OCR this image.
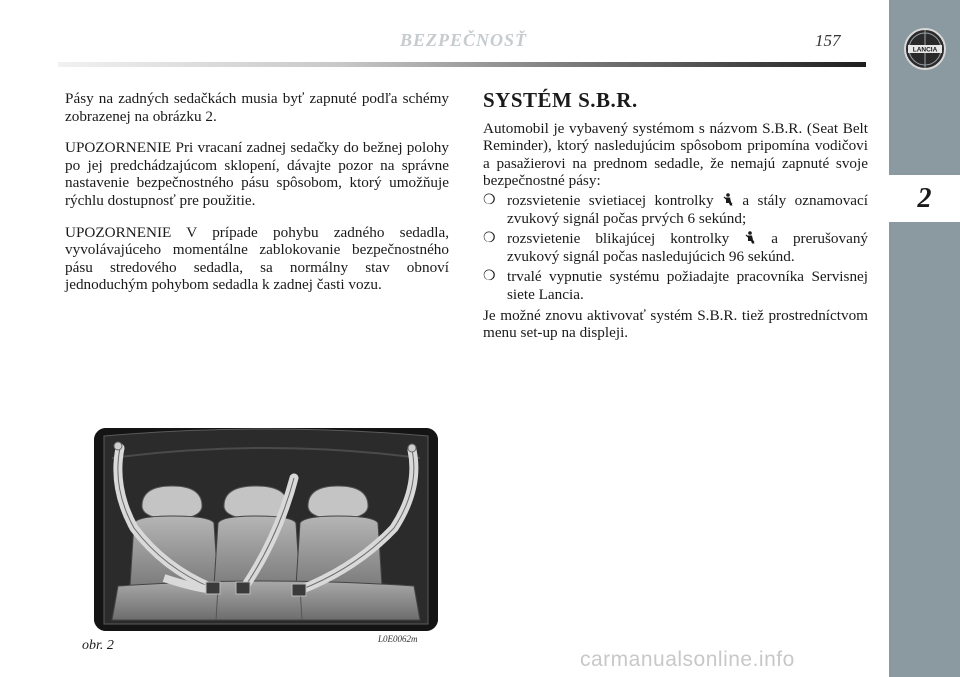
LANCIA
2
BEZPEČNOSŤ	157

Pásy na zadných sedačkách musia byť zapnuté podľa schémy zobrazenej na obrázku 2.

UPOZORNENIE Pri vracaní zadnej sedačky do bežnej polohy po jej predchádzajúcom sklopení, dávajte pozor na správne nastavenie bezpečnostného pásu spôsobom, ktorý umožňuje rýchlu dostupnosť pre použitie.

UPOZORNENIE V prípade pohybu zadného sedadla, vyvolávajúceho momentálne zablokovanie bezpečnostného pásu stredového sedadla, sa normálny stav obnoví jednoduchým pohybom sedadla k zadnej časti vozu.

SYSTÉM S.B.R.

Automobil je vybavený systémom s názvom S.B.R. (Seat Belt Reminder), ktorý nasledujúcim spôsobom pripomína vodičovi a pasažierovi na prednom sedadle, že nemajú zapnuté svoje bezpečnostné pásy:

❍ rozsvietenie svietiacej kontrolky a stály oznamovací zvukový signál počas prvých 6 sekúnd;
❍ rozsvietenie blikajúcej kontrolky	a prerušovaný zvukový signál počas nasledujúcich 96 sekúnd.
❍ trvalé vypnutie systému požiadajte pracovníka Servisnej siete Lancia.

Je možné znovu aktivovať systém S.B.R. tiež prostredníctvom menu set-up na displeji.

obr. 2	L0E0062m
carmanualsonline.info
